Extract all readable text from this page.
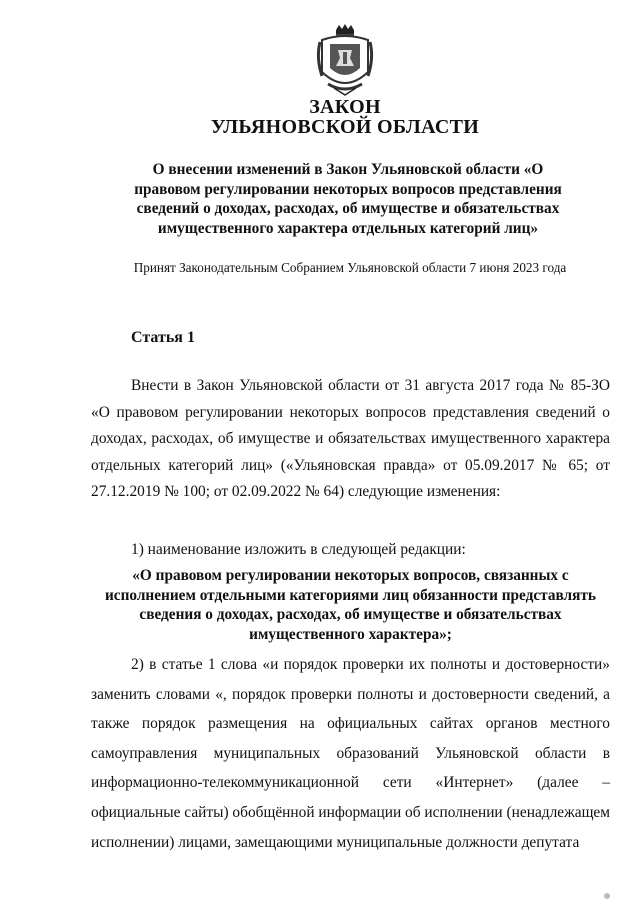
ЗАКОН
УЛЬЯНОВСКОЙ ОБЛАСТИ
О внесении изменений в Закон Ульяновской области «О правовом регулировании некоторых вопросов представления сведений о доходах, расходах, об имуществе и обязательствах имущественного характера отдельных категорий лиц»
Принят Законодательным Собранием Ульяновской области 7 июня 2023 года
Статья 1
Внести в Закон Ульяновской области от 31 августа 2017 года № 85-ЗО «О правовом регулировании некоторых вопросов представления сведений о доходах, расходах, об имуществе и обязательствах имущественного характера отдельных категорий лиц» («Ульяновская правда» от 05.09.2017 № 65; от 27.12.2019 № 100; от 02.09.2022 № 64) следующие изменения:
1) наименование изложить в следующей редакции:
«О правовом регулировании некоторых вопросов, связанных с исполнением отдельными категориями лиц обязанности представлять сведения о доходах, расходах, об имуществе и обязательствах имущественного характера»;
2) в статье 1 слова «и порядок проверки их полноты и достоверности» заменить словами «, порядок проверки полноты и достоверности сведений, а также порядок размещения на официальных сайтах органов местного самоуправления муниципальных образований Ульяновской области в информационно-телекоммуникационной сети «Интернет» (далее – официальные сайты) обобщённой информации об исполнении (ненадлежащем исполнении) лицами, замещающими муниципальные должности депутата
